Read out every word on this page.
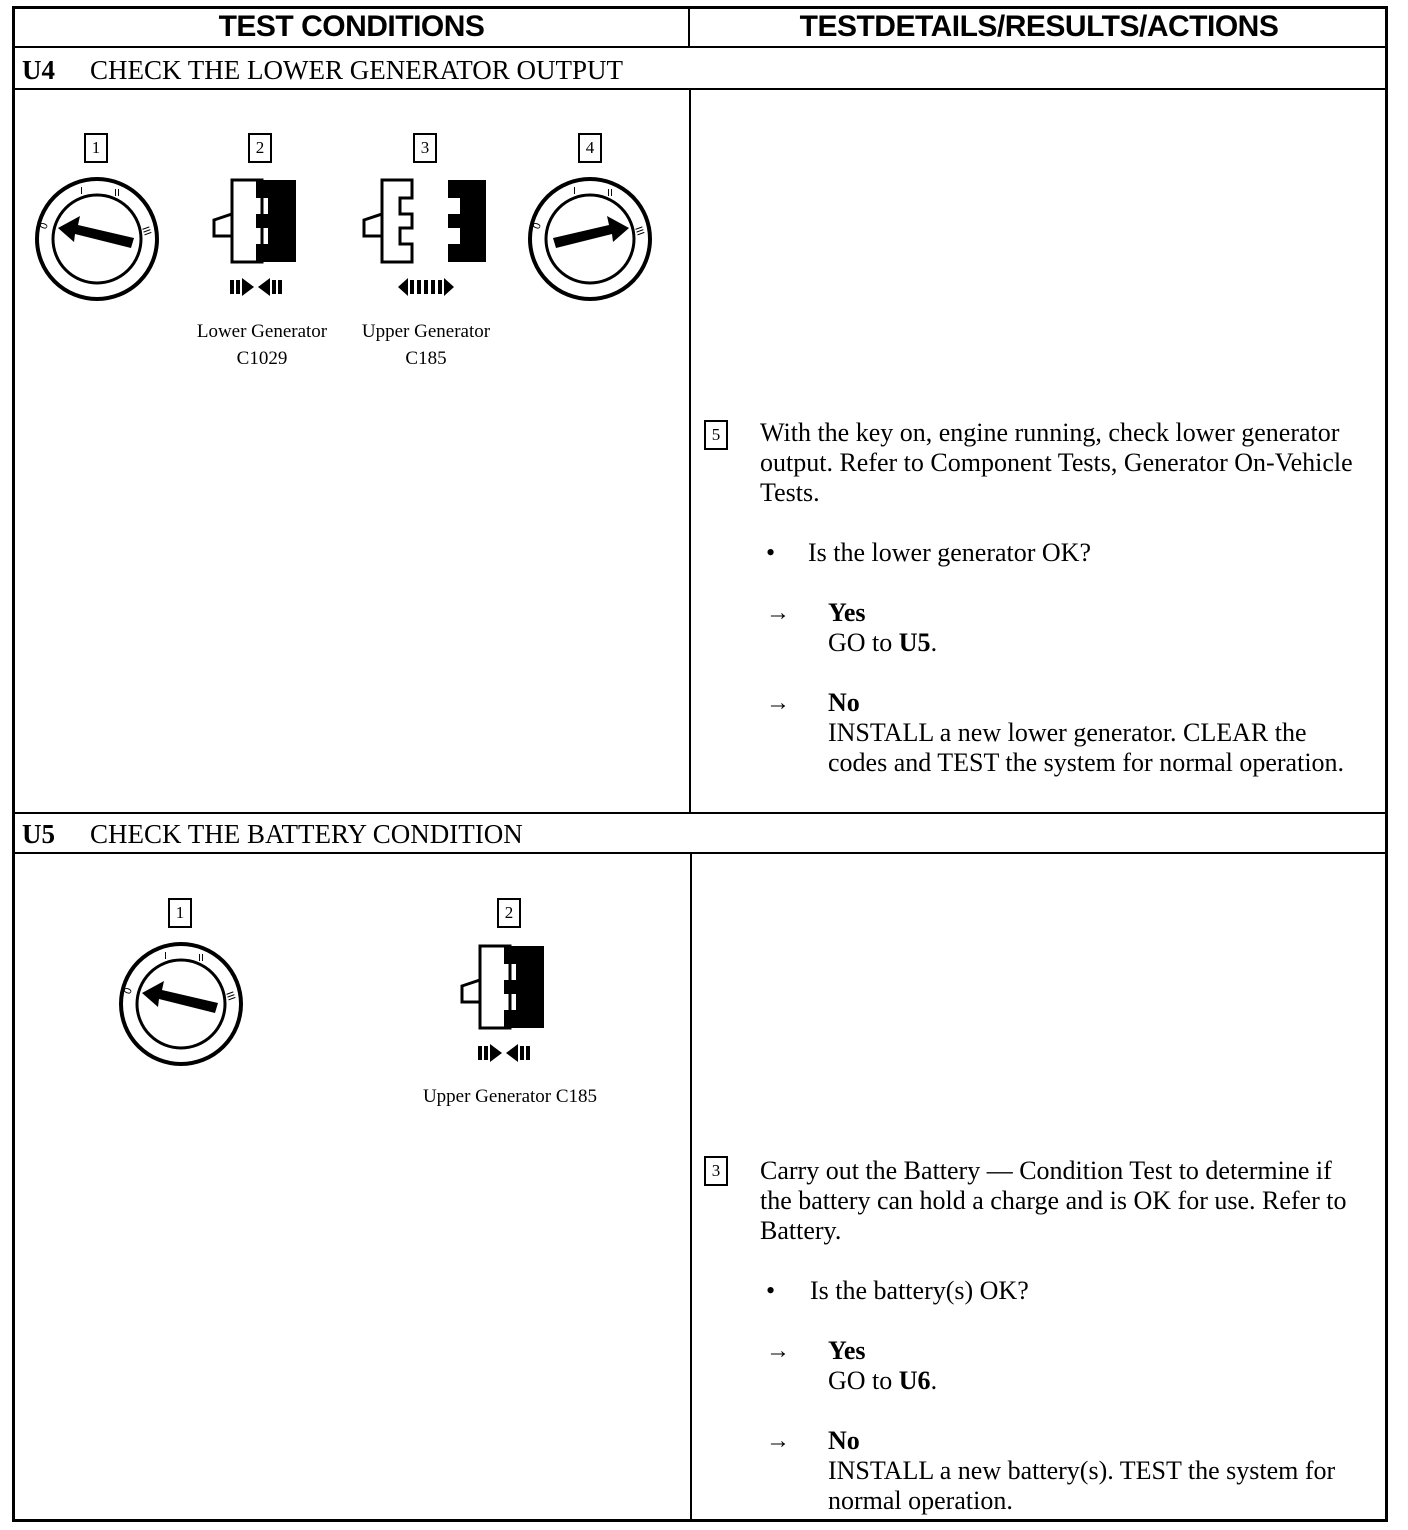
TEST CONDITIONS	TESTDETAILS/RESULTS/ACTIONS
U4	CHECK THE LOWER GENERATOR OUTPUT
1	2	3	4
0
I	II
III	0
I	II
III
Lower Generator
C1029
Upper Generator
C185
5 With the key on, engine running, check lower generator output. Refer to Component Tests, Generator On-Vehicle Tests.
• Is the lower generator OK?
→ Yes
GO to U5.
→ No
INSTALL a new lower generator. CLEAR the codes and TEST the system for normal operation.
U5	CHECK THE BATTERY CONDITION
1	2
0
I	II
III
Upper Generator C185
3 Carry out the Battery — Condition Test to determine if the battery can hold a charge and is OK for use. Refer to Battery.
• Is the battery(s) OK?
→ Yes
GO to U6.
→ No
INSTALL a new battery(s). TEST the system for normal operation.
